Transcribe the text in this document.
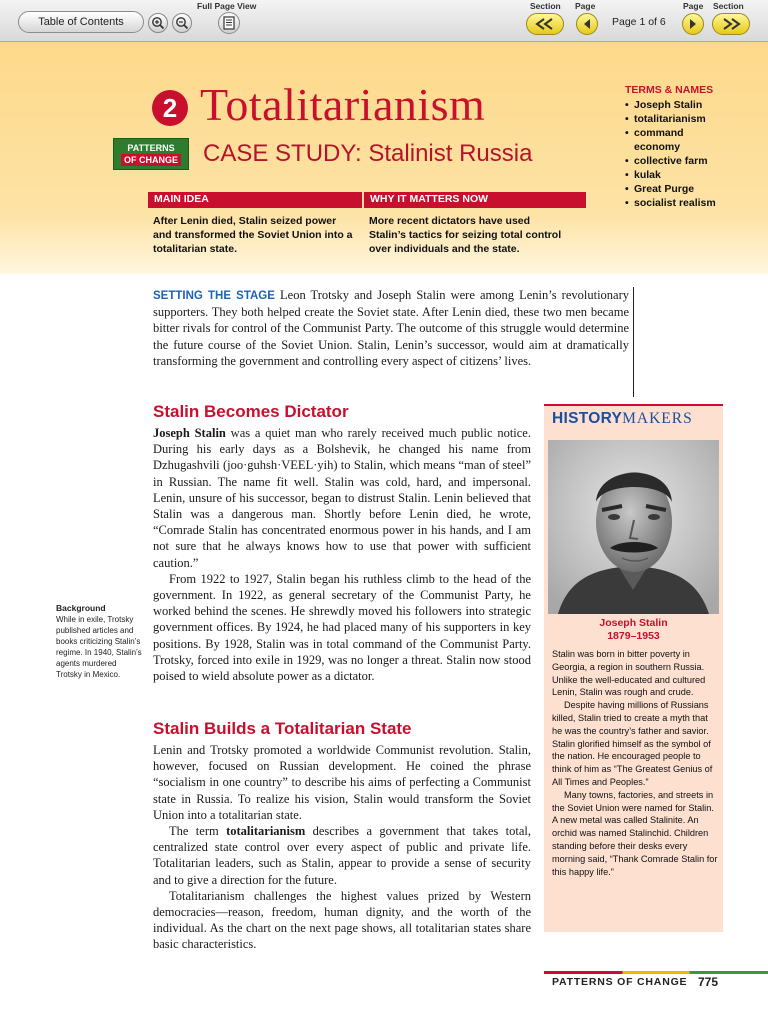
Table of Contents
Full Page View	Section Page
Page 1 of 6
Page Section
2 Totalitarianism
PATTERNS
OF CHANGE CASE STUDY: Stalinist Russia
MAIN IDEA	WHY IT MATTERS NOW
After Lenin died, Stalin seized power
and transformed the Soviet Union into a
totalitarian state.
More recent dictators have used
Stalin’s tactics for seizing total control
over individuals and the state.
TERMS & NAMES
• Joseph Stalin
• totalitarianism
• command
economy
• collective farm
• kulak
• Great Purge
• socialist realism
SETTING THE STAGE Leon Trotsky and Joseph Stalin were among Lenin’s revolutionary supporters. They both helped create the Soviet state. After Lenin died, these two men became bitter rivals for control of the Communist Party. The outcome of this struggle would determine the future course of the Soviet Union. Stalin, Lenin’s successor, would aim at dramatically transforming the government and controlling every aspect of citizens’ lives.
Stalin Becomes Dictator

Joseph Stalin was a quiet man who rarely received much public notice. During his early days as a Bolshevik, he changed his name from Dzhugashvili (joo·guhsh·VEEL·yih) to Stalin, which means “man of steel” in Russian. The name fit well. Stalin was cold, hard, and impersonal. Lenin, unsure of his successor, began to distrust Stalin. Lenin believed that Stalin was a dangerous man. Shortly before Lenin died, he wrote, “Comrade Stalin has concentrated enormous power in his hands, and I am not sure that he always knows how to use that power with sufficient caution.”

From 1922 to 1927, Stalin began his ruthless climb to the head of the government. In 1922, as general secretary of the Communist Party, he worked behind the scenes. He shrewdly moved his followers into strategic government offices. By 1924, he had placed many of his supporters in key positions. By 1928, Stalin was in total command of the Communist Party. Trotsky, forced into exile in 1929, was no longer a threat. Stalin now stood poised to wield absolute power as a dictator.

Background
While in exile, Trotsky published articles and books criticizing Stalin’s regime. In 1940, Stalin’s agents murdered Trotsky in Mexico.
Stalin Builds a Totalitarian State

Lenin and Trotsky promoted a worldwide Communist revolution. Stalin, however, focused on Russian development. He coined the phrase “socialism in one country” to describe his aims of perfecting a Communist state in Russia. To realize his vision, Stalin would transform the Soviet Union into a totalitarian state.

The term totalitarianism describes a government that takes total, centralized state control over every aspect of public and private life. Totalitarian leaders, such as Stalin, appear to provide a sense of security and to give a direction for the future.

Totalitarianism challenges the highest values prized by Western democracies—reason, freedom, human dignity, and the worth of the individual. As the chart on the next page shows, all totalitarian states share basic characteristics.

HISTORYMAKERS
Joseph Stalin
1879–1953

Stalin was born in bitter poverty in Georgia, a region in southern Russia. Unlike the well-educated and cultured Lenin, Stalin was rough and crude.

Despite having millions of Russians killed, Stalin tried to create a myth that he was the country’s father and savior. Stalin glorified himself as the symbol of the nation. He encouraged people to think of him as “The Greatest Genius of All Times and Peoples.”

Many towns, factories, and streets in the Soviet Union were named for Stalin. A new metal was called Stalinite. An orchid was named Stalinchid. Children standing before their desks every morning said, “Thank Comrade Stalin for this happy life.”

PATTERNS OF CHANGE 775
